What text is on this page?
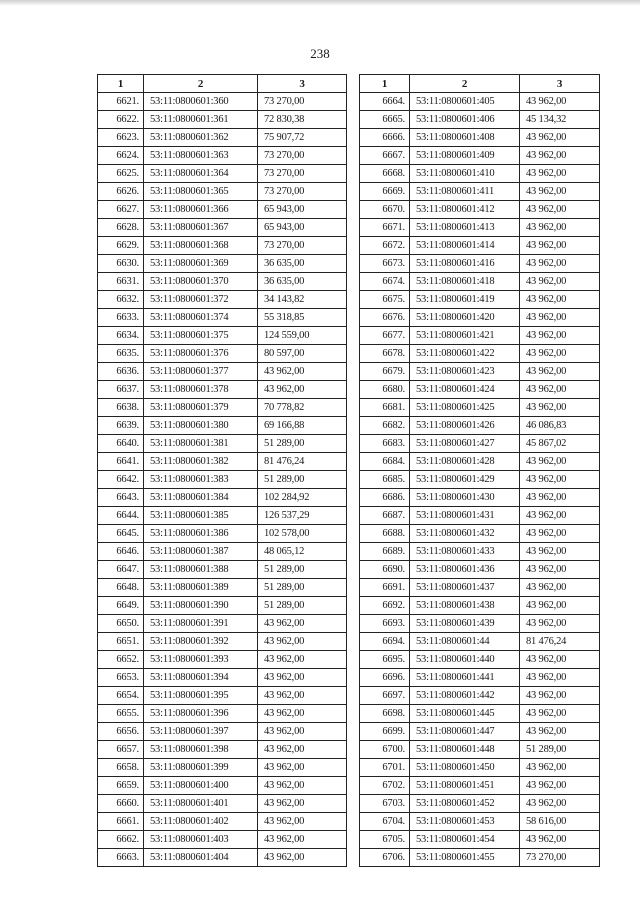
238
1	2	3
6621.	53:11:0800601:360	73 270,00
6622.	53:11:0800601:361	72 830,38
6623.	53:11:0800601:362	75 907,72
6624.	53:11:0800601:363	73 270,00
6625.	53:11:0800601:364	73 270,00
6626.	53:11:0800601:365	73 270,00
6627.	53:11:0800601:366	65 943,00
6628.	53:11:0800601:367	65 943,00
6629.	53:11:0800601:368	73 270,00
6630.	53:11:0800601:369	36 635,00
6631.	53:11:0800601:370	36 635,00
6632.	53:11:0800601:372	34 143,82
6633.	53:11:0800601:374	55 318,85
6634.	53:11:0800601:375	124 559,00
6635.	53:11:0800601:376	80 597,00
6636.	53:11:0800601:377	43 962,00
6637.	53:11:0800601:378	43 962,00
6638.	53:11:0800601:379	70 778,82
6639.	53:11:0800601:380	69 166,88
6640.	53:11:0800601:381	51 289,00
6641.	53:11:0800601:382	81 476,24
6642.	53:11:0800601:383	51 289,00
6643.	53:11:0800601:384	102 284,92
6644.	53:11:0800601:385	126 537,29
6645.	53:11:0800601:386	102 578,00
6646.	53:11:0800601:387	48 065,12
6647.	53:11:0800601:388	51 289,00
6648.	53:11:0800601:389	51 289,00
6649.	53:11:0800601:390	51 289,00
6650.	53:11:0800601:391	43 962,00
6651.	53:11:0800601:392	43 962,00
6652.	53:11:0800601:393	43 962,00
6653.	53:11:0800601:394	43 962,00
6654.	53:11:0800601:395	43 962,00
6655.	53:11:0800601:396	43 962,00
6656.	53:11:0800601:397	43 962,00
6657.	53:11:0800601:398	43 962,00
6658.	53:11:0800601:399	43 962,00
6659.	53:11:0800601:400	43 962,00
6660.	53:11:0800601:401	43 962,00
6661.	53:11:0800601:402	43 962,00
6662.	53:11:0800601:403	43 962,00
6663.	53:11:0800601:404	43 962,00
1	2	3
6664.	53:11:0800601:405	43 962,00
6665.	53:11:0800601:406	45 134,32
6666.	53:11:0800601:408	43 962,00
6667.	53:11:0800601:409	43 962,00
6668.	53:11:0800601:410	43 962,00
6669.	53:11:0800601:411	43 962,00
6670.	53:11:0800601:412	43 962,00
6671.	53:11:0800601:413	43 962,00
6672.	53:11:0800601:414	43 962,00
6673.	53:11:0800601:416	43 962,00
6674.	53:11:0800601:418	43 962,00
6675.	53:11:0800601:419	43 962,00
6676.	53:11:0800601:420	43 962,00
6677.	53:11:0800601:421	43 962,00
6678.	53:11:0800601:422	43 962,00
6679.	53:11:0800601:423	43 962,00
6680.	53:11:0800601:424	43 962,00
6681.	53:11:0800601:425	43 962,00
6682.	53:11:0800601:426	46 086,83
6683.	53:11:0800601:427	45 867,02
6684.	53:11:0800601:428	43 962,00
6685.	53:11:0800601:429	43 962,00
6686.	53:11:0800601:430	43 962,00
6687.	53:11:0800601:431	43 962,00
6688.	53:11:0800601:432	43 962,00
6689.	53:11:0800601:433	43 962,00
6690.	53:11:0800601:436	43 962,00
6691.	53:11:0800601:437	43 962,00
6692.	53:11:0800601:438	43 962,00
6693.	53:11:0800601:439	43 962,00
6694.	53:11:0800601:44	81 476,24
6695.	53:11:0800601:440	43 962,00
6696.	53:11:0800601:441	43 962,00
6697.	53:11:0800601:442	43 962,00
6698.	53:11:0800601:445	43 962,00
6699.	53:11:0800601:447	43 962,00
6700.	53:11:0800601:448	51 289,00
6701.	53:11:0800601:450	43 962,00
6702.	53:11:0800601:451	43 962,00
6703.	53:11:0800601:452	43 962,00
6704.	53:11:0800601:453	58 616,00
6705.	53:11:0800601:454	43 962,00
6706.	53:11:0800601:455	73 270,00
